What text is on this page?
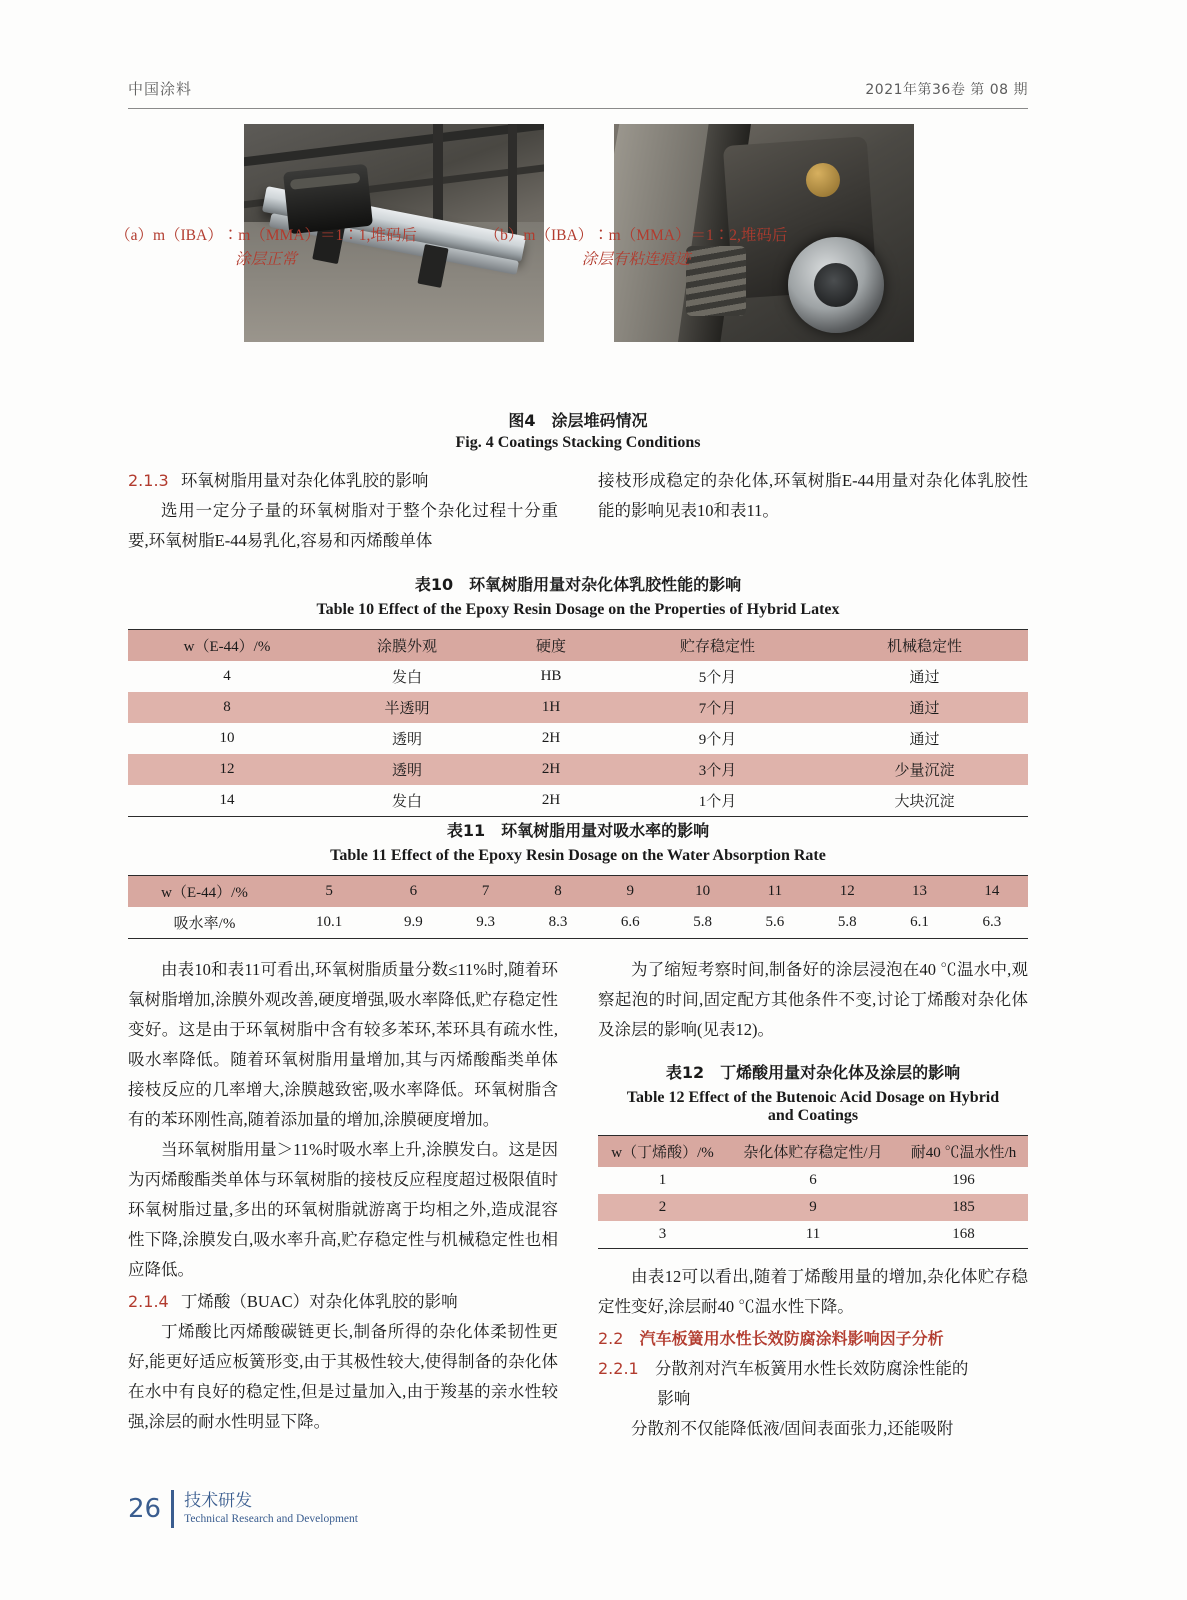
中国涂料	2021年第36卷 第 08 期
（a）m（IBA）∶m（MMA）＝1∶1,堆码后
涂层正常
（b）m（IBA）∶m（MMA）＝1∶2,堆码后
涂层有粘连痕迹
图4　涂层堆码情况
Fig. 4 Coatings Stacking Conditions

2.1.3 环氧树脂用量对杂化体乳胶的影响

选用一定分子量的环氧树脂对于整个杂化过程十分重要,环氧树脂E-44易乳化,容易和丙烯酸单体

接枝形成稳定的杂化体,环氧树脂E-44用量对杂化体乳胶性能的影响见表10和表11。

表10　环氧树脂用量对杂化体乳胶性能的影响

Table 10 Effect of the Epoxy Resin Dosage on the Properties of Hybrid Latex

w（E-44）/%	涂膜外观	硬度	贮存稳定性	机械稳定性
4	发白	HB	5个月	通过
8	半透明	1H	7个月	通过
10	透明	2H	9个月	通过
12	透明	2H	3个月	少量沉淀
14	发白	2H	1个月	大块沉淀

表11　环氧树脂用量对吸水率的影响

Table 11 Effect of the Epoxy Resin Dosage on the Water Absorption Rate

w（E-44）/%	5	6	7	8	9	10	11	12	13	14
吸水率/%	10.1	9.9	9.3	8.3	6.6	5.8	5.6	5.8	6.1	6.3

由表10和表11可看出,环氧树脂质量分数≤11%时,随着环氧树脂增加,涂膜外观改善,硬度增强,吸水率降低,贮存稳定性变好。这是由于环氧树脂中含有较多苯环,苯环具有疏水性,吸水率降低。随着环氧树脂用量增加,其与丙烯酸酯类单体接枝反应的几率增大,涂膜越致密,吸水率降低。环氧树脂含有的苯环刚性高,随着添加量的增加,涂膜硬度增加。

当环氧树脂用量＞11%时吸水率上升,涂膜发白。这是因为丙烯酸酯类单体与环氧树脂的接枝反应程度超过极限值时环氧树脂过量,多出的环氧树脂就游离于均相之外,造成混容性下降,涂膜发白,吸水率升高,贮存稳定性与机械稳定性也相应降低。

2.1.4 丁烯酸（BUAC）对杂化体乳胶的影响

丁烯酸比丙烯酸碳链更长,制备所得的杂化体柔韧性更好,能更好适应板簧形变,由于其极性较大,使得制备的杂化体在水中有良好的稳定性,但是过量加入,由于羧基的亲水性较强,涂层的耐水性明显下降。

为了缩短考察时间,制备好的涂层浸泡在40 ℃温水中,观察起泡的时间,固定配方其他条件不变,讨论丁烯酸对杂化体及涂层的影响(见表12)。

表12　丁烯酸用量对杂化体及涂层的影响

Table 12 Effect of the Butenoic Acid Dosage on Hybrid

and Coatings

w（丁烯酸）/%	杂化体贮存稳定性/月	耐40 ℃温水性/h
1	6	196
2	9	185
3	11	168

由表12可以看出,随着丁烯酸用量的增加,杂化体贮存稳定性变好,涂层耐40 ℃温水性下降。

2.2 汽车板簧用水性长效防腐涂料影响因子分析

2.2.1 分散剂对汽车板簧用水性长效防腐涂性能的
影响

分散剂不仅能降低液/固间表面张力,还能吸附

26 技术研发
Technical Research and Development
